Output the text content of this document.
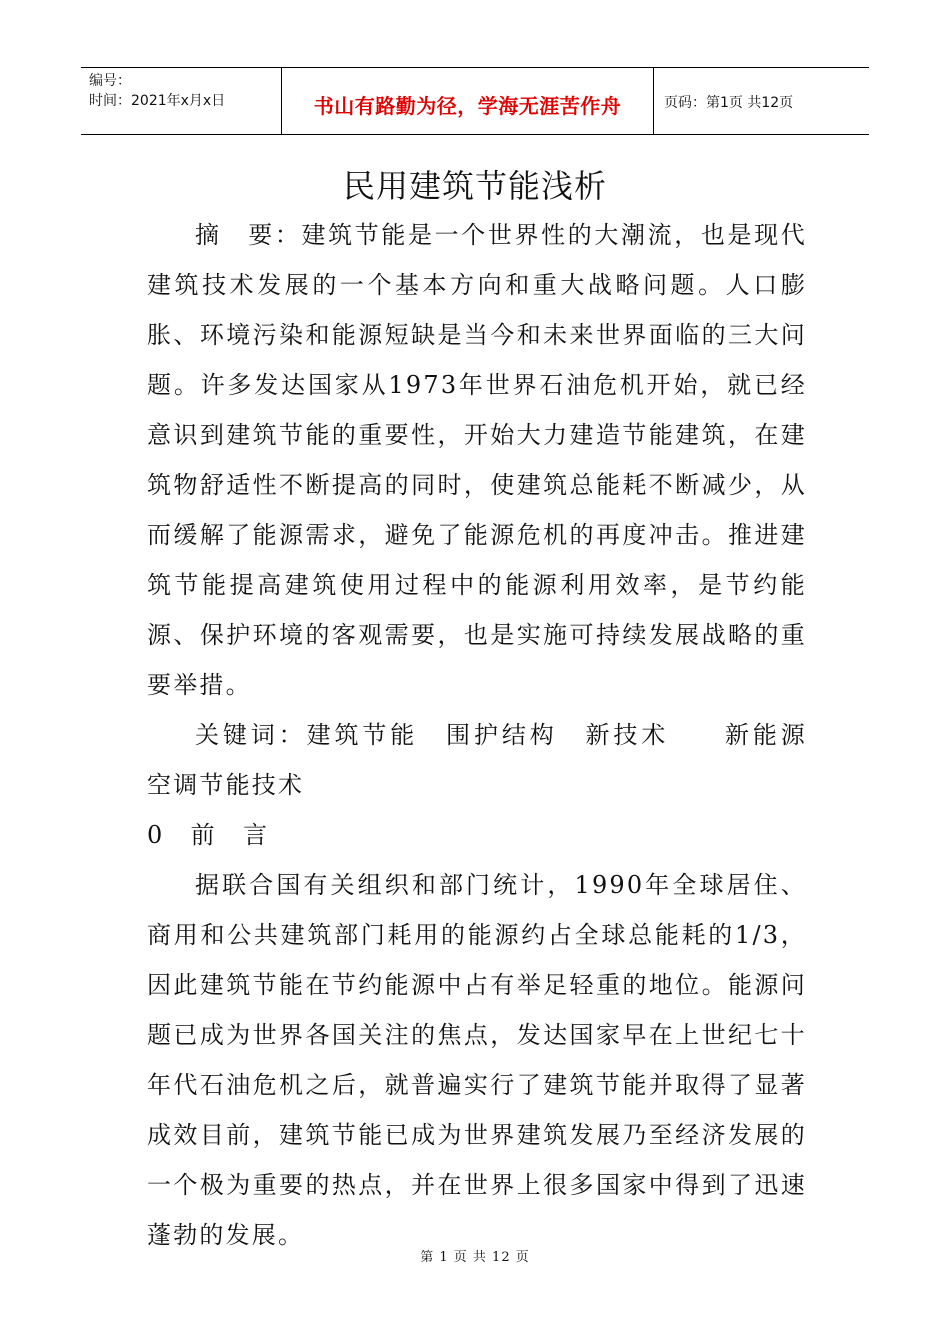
编号：
时间：2021年x月x日	书山有路勤为径，学海无涯苦作舟	页码：第1页 共12页
民用建筑节能浅析

摘　要：建筑节能是一个世界性的大潮流，也是现代建筑技术发展的一个基本方向和重大战略问题。人口膨胀、环境污染和能源短缺是当今和未来世界面临的三大问题。许多发达国家从1973年世界石油危机开始，就已经意识到建筑节能的重要性，开始大力建造节能建筑，在建筑物舒适性不断提高的同时，使建筑总能耗不断减少，从而缓解了能源需求，避免了能源危机的再度冲击。推进建筑节能提高建筑使用过程中的能源利用效率，是节约能源、保护环境的客观需要，也是实施可持续发展战略的重要举措。

关键词：建筑节能　围护结构　新技术　　新能源　空调节能技术

0　前　言

据联合国有关组织和部门统计，1990年全球居住、商用和公共建筑部门耗用的能源约占全球总能耗的1/3，因此建筑节能在节约能源中占有举足轻重的地位。能源问题已成为世界各国关注的焦点，发达国家早在上世纪七十年代石油危机之后，就普遍实行了建筑节能并取得了显著成效目前，建筑节能已成为世界建筑发展乃至经济发展的一个极为重要的热点，并在世界上很多国家中得到了迅速蓬勃的发展。

第 1 页 共 12 页
